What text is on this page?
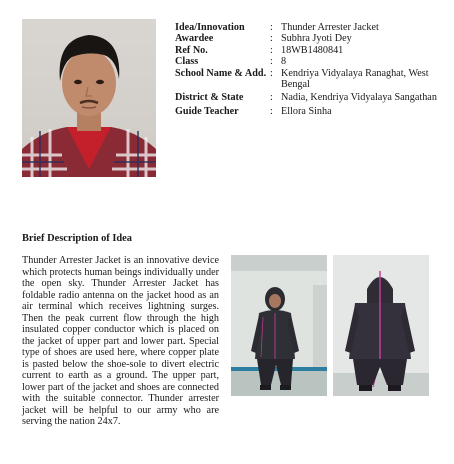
Idea/Innovation	: Thunder Arrester Jacket
Awardee	: Subhra Jyoti Dey
Ref No.	: 18WB1480841
Class	: 8
School Name & Add. : Kendriya Vidyalaya Ranaghat, West Bengal
District & State	: Nadia, Kendriya Vidyalaya Sangathan
Guide Teacher	: Ellora Sinha
Brief Description of Idea
Thunder Arrester Jacket is an innovative device which protects human beings individually under the open sky. Thunder Arrester Jacket has foldable radio antenna on the jacket hood as an air terminal which receives lightning surges. Then the peak current flow through the high insulated copper conductor which is placed on the jacket of upper part and lower part. Special type of shoes are used here, where copper plate is pasted below the shoe-sole to divert electric current to earth as a ground. The upper part, lower part of the jacket and shoes are connected with the suitable connector. Thunder arrester jacket will be helpful to our army who are serving the nation 24x7.
